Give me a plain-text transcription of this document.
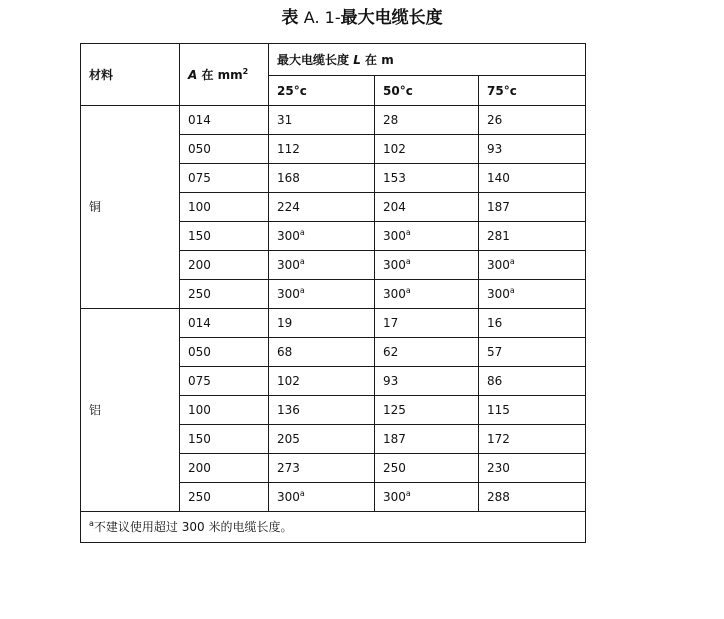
表 A. 1-最大电缆长度
材料	A 在 $mm^2$	最大电缆长度 L 在 m		
		25°c	50°c	75°c
铜	014	31	28	26
	050	112	102	93
	075	168	153	140
	100	224	204	187
	150	300$^a$	300$^a$	281
	200	300$^a$	300$^a$	300$^a$
	250	300$^a$	300$^a$	300$^a$
铝	014	19	17	16
	050	68	62	57
	075	102	93	86
	100	136	125	115
	150	205	187	172
	200	273	250	230
	250	300$^a$	300$^a$	288
$^a$不建议使用超过 300 米的电缆长度。				
